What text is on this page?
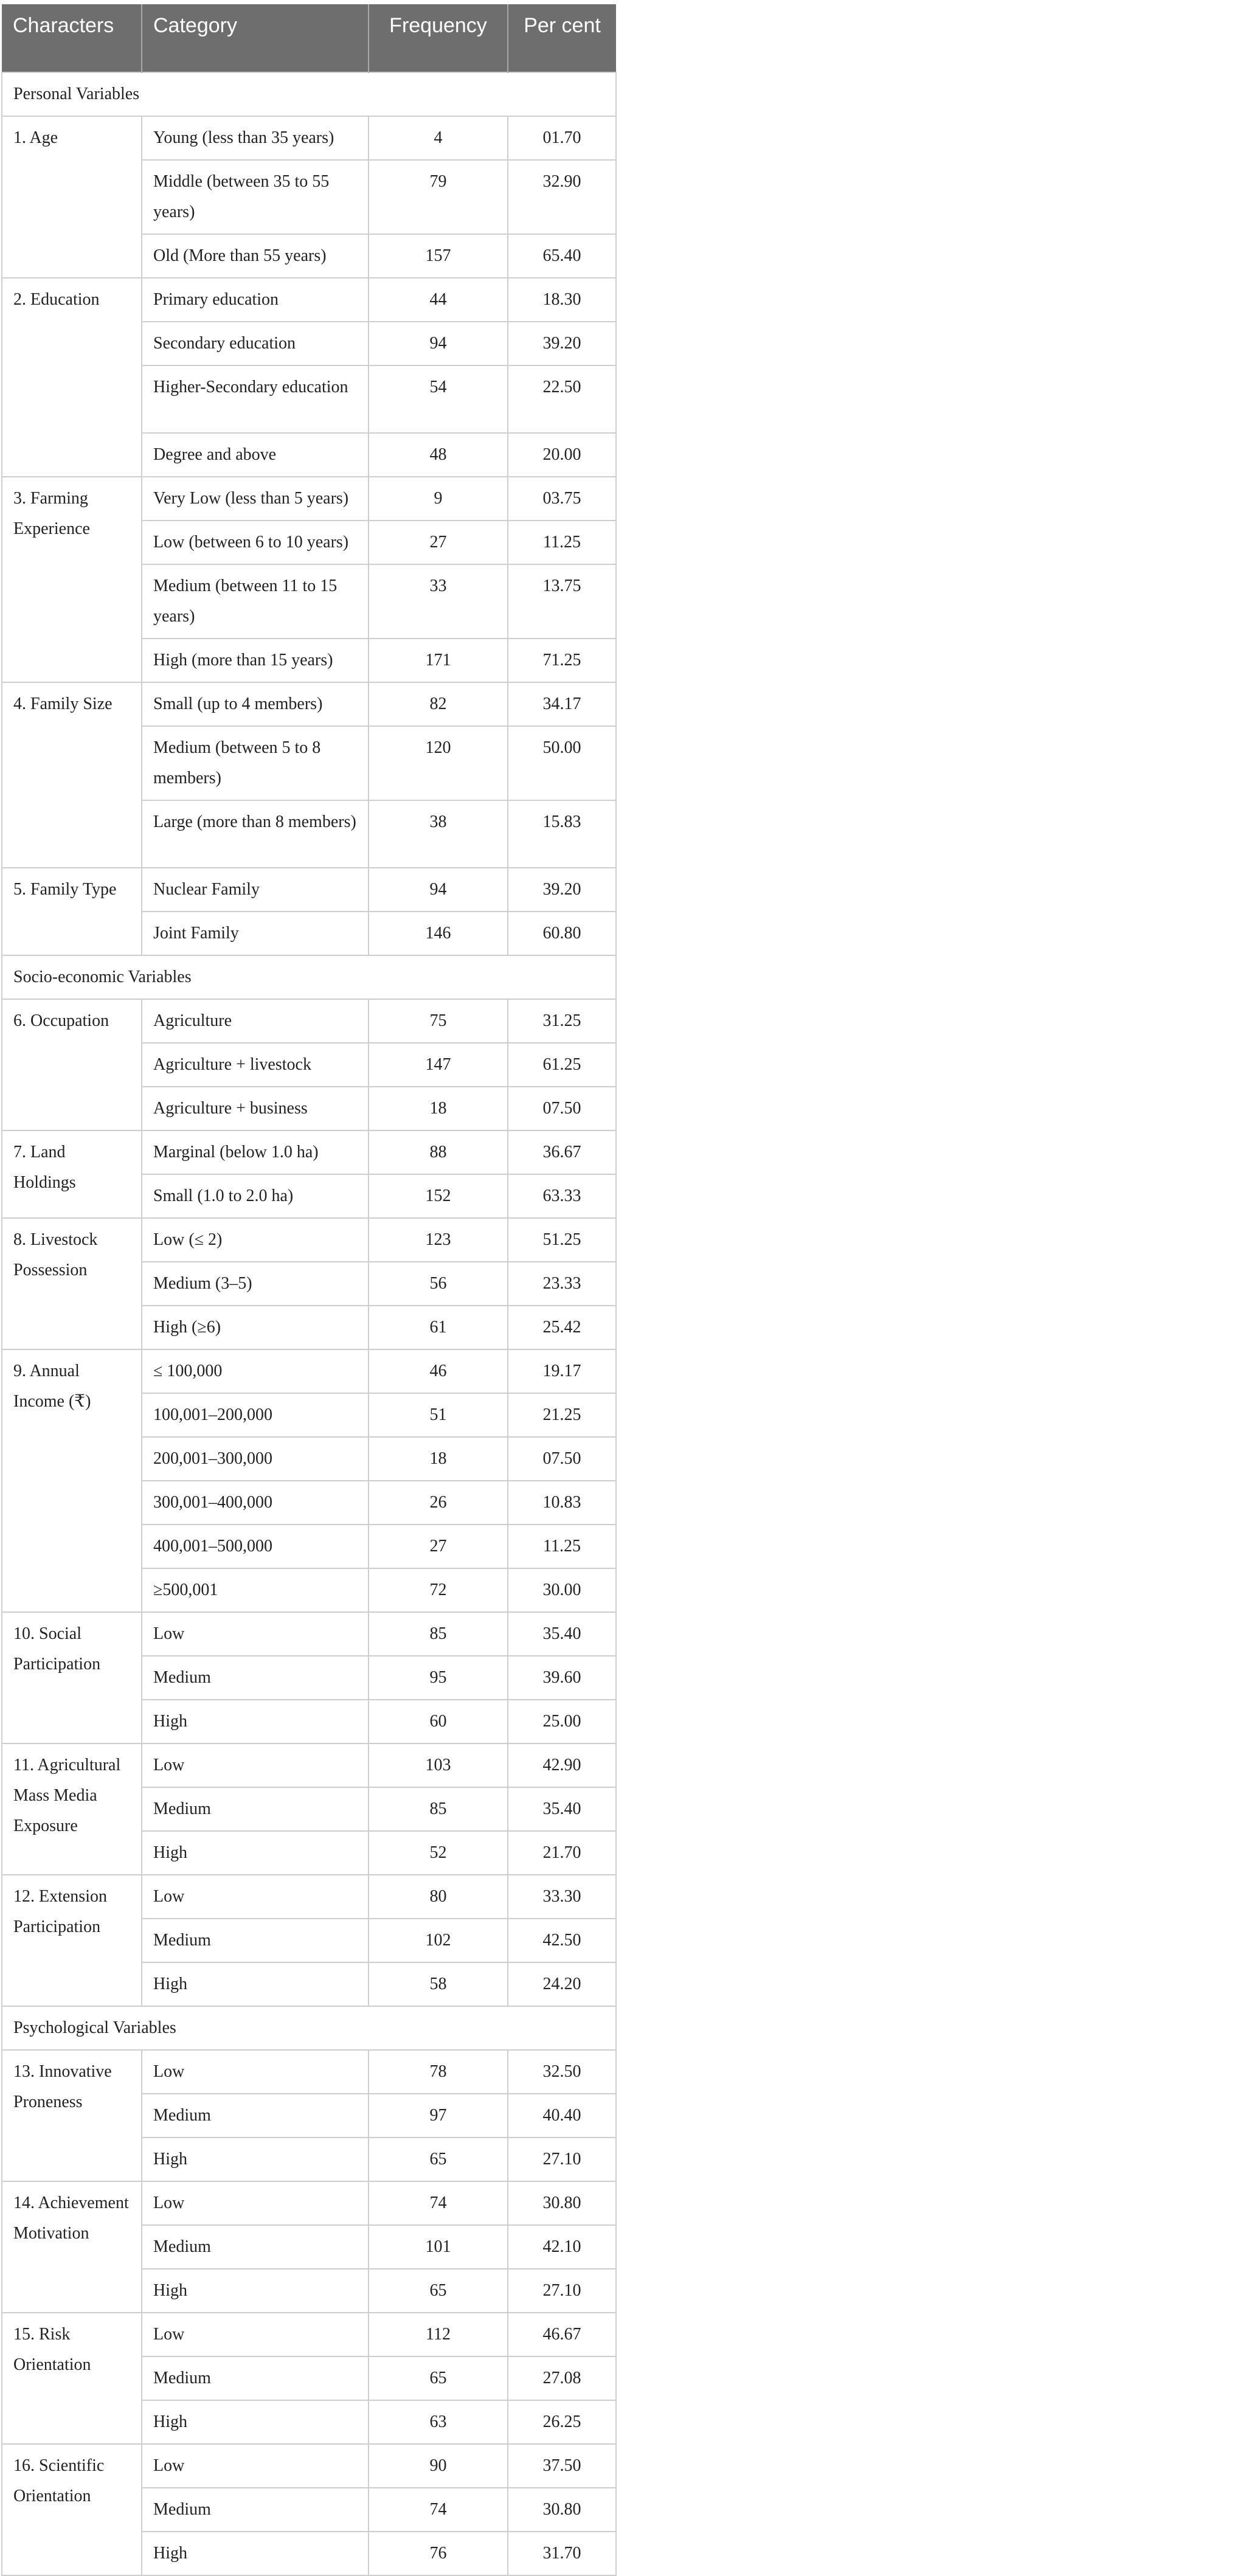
Characters	Category	Frequency	Per cent
Personal Variables			
1. Age	Young (less than 35 years)	4	01.70
	Middle (between 35 to 55 years)	79	32.90
	Old (More than 55 years)	157	65.40
2. Education	Primary education	44	18.30
	Secondary education	94	39.20
	Higher-Secondary education	54	22.50
	Degree and above	48	20.00
3. Farming Experience	Very Low (less than 5 years)	9	03.75
	Low (between 6 to 10 years)	27	11.25
	Medium (between 11 to 15 years)	33	13.75
	High (more than 15 years)	171	71.25
4. Family Size	Small (up to 4 members)	82	34.17
	Medium (between 5 to 8 members)	120	50.00
	Large (more than 8 members)	38	15.83
5. Family Type	Nuclear Family	94	39.20
	Joint Family	146	60.80
Socio-economic Variables			
6. Occupation	Agriculture	75	31.25
	Agriculture + livestock	147	61.25
	Agriculture + business	18	07.50
7. Land Holdings	Marginal (below 1.0 ha)	88	36.67
	Small (1.0 to 2.0 ha)	152	63.33
8. Livestock Possession	Low (≤ 2)	123	51.25
	Medium (3–5)	56	23.33
	High (≥6)	61	25.42
9. Annual Income (₹)	≤ 100,000	46	19.17
	100,001–200,000	51	21.25
	200,001–300,000	18	07.50
	300,001–400,000	26	10.83
	400,001–500,000	27	11.25
	≥500,001	72	30.00
10. Social Participation	Low	85	35.40
	Medium	95	39.60
	High	60	25.00
11. Agricultural Mass Media Exposure	Low	103	42.90
	Medium	85	35.40
	High	52	21.70
12. Extension Participation	Low	80	33.30
	Medium	102	42.50
	High	58	24.20
Psychological Variables			
13. Innovative Proneness	Low	78	32.50
	Medium	97	40.40
	High	65	27.10
14. Achievement Motivation	Low	74	30.80
	Medium	101	42.10
	High	65	27.10
15. Risk Orientation	Low	112	46.67
	Medium	65	27.08
	High	63	26.25
16. Scientific Orientation	Low	90	37.50
	Medium	74	30.80
	High	76	31.70
